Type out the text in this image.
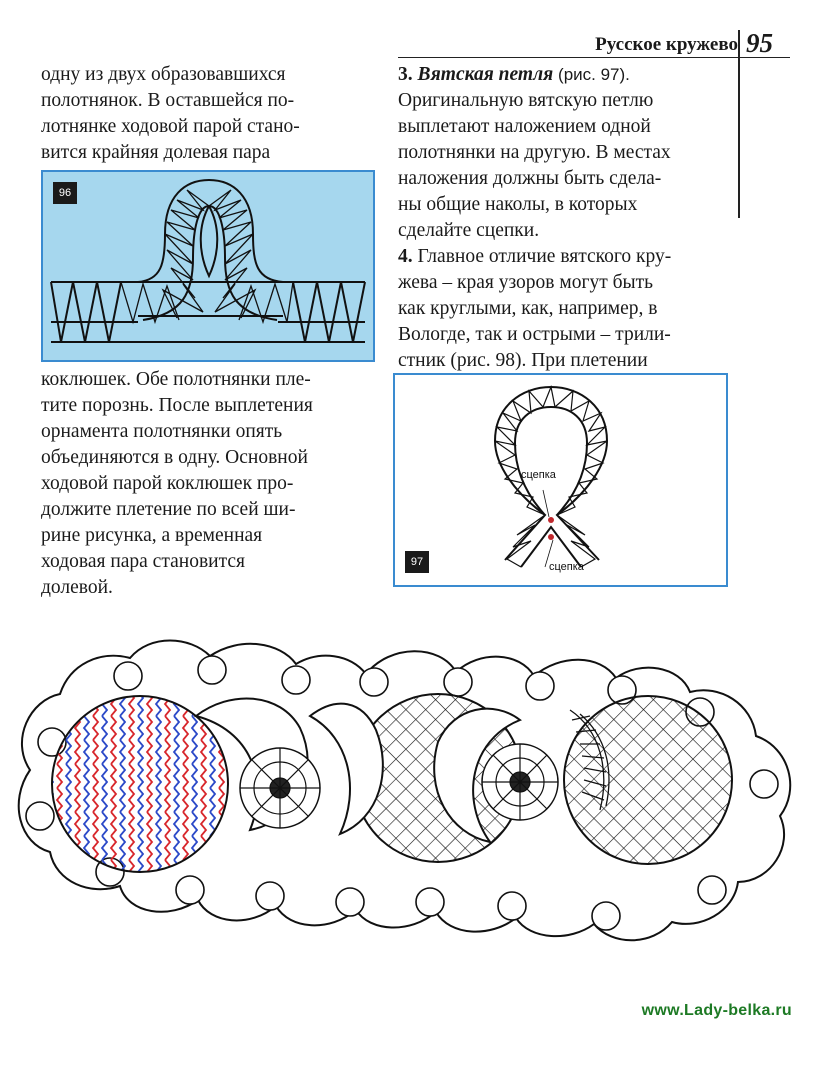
Русское кружево 95

одну из двух образовавшихся
полотнянок. В оставшейся по-
лотнянке ходовой парой стано-
вится крайняя долевая пара

96

коклюшек. Обе полотнянки пле-
тите порознь. После выплетения
орнамента полотнянки опять
объединяются в одну. Основной
ходовой парой коклюшек про-
должите плетение по всей ши-
рине рисунка, а временная
ходовая пара становится
долевой.

3. Вятская петля (рис. 97).
Оригинальную вятскую петлю
выплетают наложением одной
полотнянки на другую. В местах
наложения должны быть сдела-
ны общие наколы, в которых
сделайте сцепки.
4. Главное отличие вятского кру-
жева – края узоров могут быть
как круглыми, как, например, в
Вологде, так и острыми – трили-
стник (рис. 98). При плетении

сцепка
сцепка
97
www.Lady-belka.ru
